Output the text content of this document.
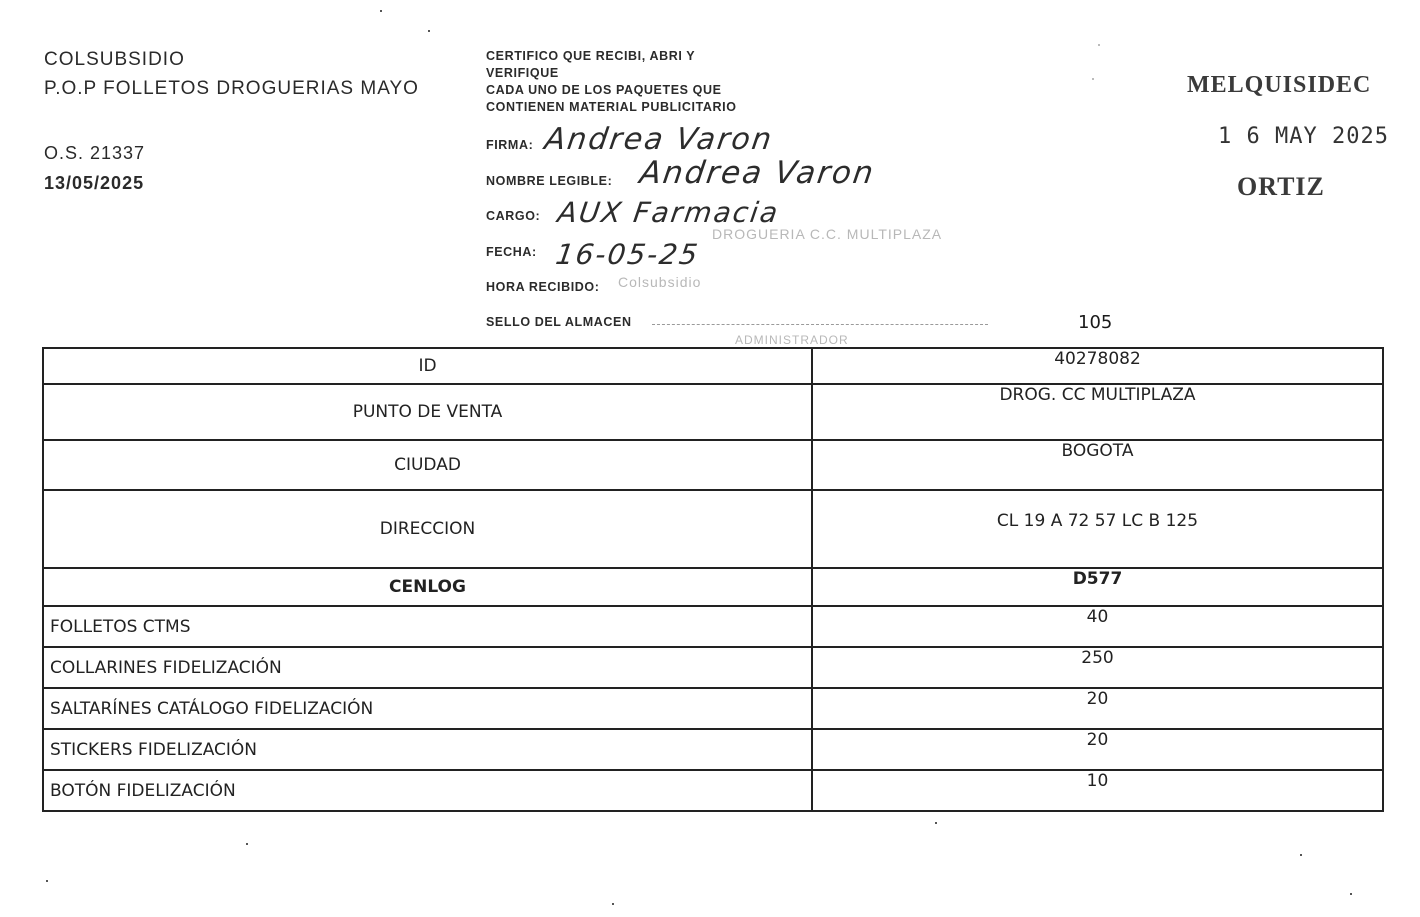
COLSUBSIDIO
P.O.P FOLLETOS DROGUERIAS MAYO
O.S. 21337
13/05/2025
CERTIFICO QUE RECIBI, ABRI Y
VERIFIQUE
CADA UNO DE LOS PAQUETES QUE
CONTIENEN MATERIAL PUBLICITARIO
FIRMA: Andrea Varon
NOMBRE LEGIBLE: Andrea Varon
CARGO: AUX Farmacia
DROGUERIA C.C. MULTIPLAZA
FECHA: 16-05-25
HORA RECIBIDO: Colsubsidio
SELLO DEL ALMACEN
ADMINISTRADOR
105
MELQUISIDEC
1 6 MAY 2025
ORTIZ
ID	40278082
PUNTO DE VENTA	DROG. CC MULTIPLAZA
CIUDAD	BOGOTA
DIRECCION	CL 19 A 72 57 LC B 125
CENLOG	D577
FOLLETOS CTMS	40
COLLARINES FIDELIZACIÓN	250
SALTARÍNES CATÁLOGO FIDELIZACIÓN	20
STICKERS FIDELIZACIÓN	20
BOTÓN FIDELIZACIÓN	10
